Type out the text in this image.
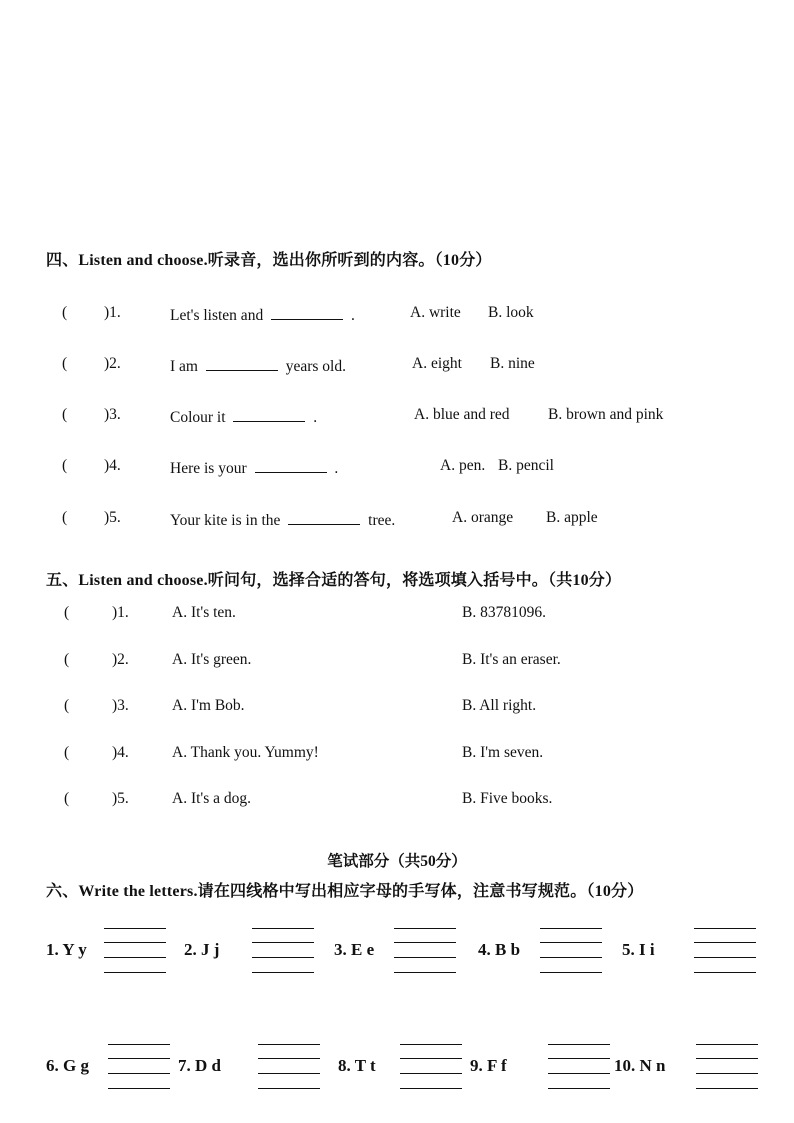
四、Listen and choose.听录音，选出你所听到的内容。（10分）
( )1.	Let's listen and	.	A. write B. look
( )2.	I am	years old.	A. eight B. nine
( )3.	Colour it	.	A. blue and red B. brown and pink
( )4.	Here is your	.	A. pen. B. pencil
( )5.	Your kite is in the	tree.	A. orange B. apple
五、Listen and choose.听问句，选择合适的答句，将选项填入括号中。（共10分）
(	)1.	A. It's ten.	B. 83781096.
(	)2.	A. It's green.	B. It's an eraser.
(	)3.	A. I'm Bob.	B. All right.
(	)4.	A. Thank you. Yummy!	B. I'm seven.
(	)5.	A. It's a dog.	B. Five books.
笔试部分（共50分）
六、Write the letters.请在四线格中写出相应字母的手写体，注意书写规范。（10分）
1. Y y	2. J j	3. E e	4. B b	5. I i
6. G g	7. D d	8. T t	9. F f	10. N n
